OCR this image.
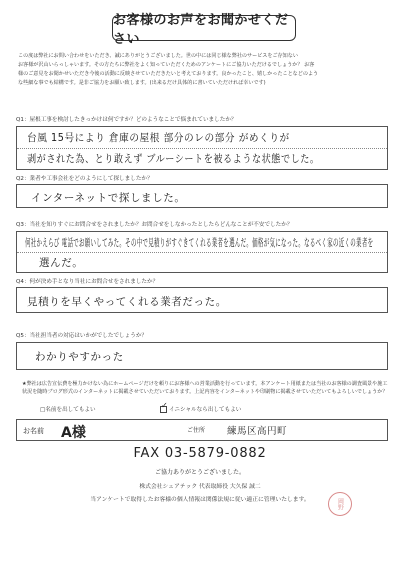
お客様のお声をお聞かせください

この度は弊社にお問い合わせをいただき、誠にありがとうございました。世の中には同じ様な弊社のサービスをご存知ない

お客様が沢山いらっしゃいます。その方たちに弊社をよく知っていただくためのアンケートにご協力いただけるでしょうか？ お客

様のご意見をお聞かせいただき今後の活動に反映させていただきたいと考えております。良かったこと、嬉しかったことなどのよう

な些細な事でも結構です。是非ご協力をお願い致します。(出来るだけ具体的に書いていただければ幸いです)

Q1：屋根工事を検討したきっかけは何ですか？どのようなことで悩まれていましたか？
台風 15号により 倉庫の屋根 部分のレの部分 がめくりが
剥がされた為、とり敢えず ブルーシートを被るような状態でした。
Q2：業者や工事会社をどのようにして探しましたか？
インターネットで探しました。
Q3：当社を知りすぐにお問合せをされましたか？お問合せをしなかったとしたらどんなことが不安でしたか？
何社かえらび 電話でお願いしてみた。その中で見積りがすぐきてくれる業者を選んだ。価格が気になった。なるべく家の近くの業者を
選んだ。
Q4：何が決め手となり当社にお問合せをされましたか？
見積りを早くやってくれる業者だった。
Q5：当社担当者の対応はいかがでしたでしょうか？
わかりやすかった
★弊社は広告宣伝費を極力かけない為にホームページだけを頼りにお客様への営業活動を行っています。本アンケート用紙または当社のお客様の調査風景や施工状況を随時ブログ形式のインターネットに掲載させていただいております。上記内容をインターネットや印刷物に掲載させていただいてもよろしいでしょうか？
□名前を出してもよい	✓ イニシャルなら出してもよい
お名前 A様	ご住所 練馬区高円町
FAX 03-5879-0882
ご協力ありがとうございました。
株式会社シェアテック 代表取締役 大久保 誠二
当アンケートで取得したお客様の個人情報は関係法規に従い適正に管理いたします。	岡野
